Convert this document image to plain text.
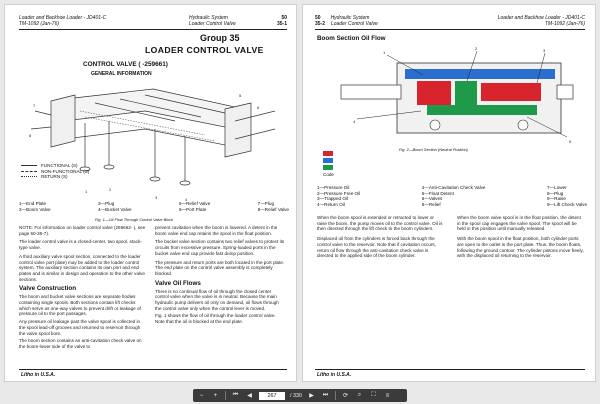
Loader and Backhoe Loader - JD401-C
TM-1092 (Jan-76)
Hydraulic System	50
Loader Control Valve	35-1
Group 35
LOADER CONTROL VALVE
CONTROL VALVE ( -259661)
GENERAL INFORMATION
1	2
3	4
5
6
7
8
FUNCTIONAL (S)
NON-FUNCTIONAL (S)
RETURN (S)
1—End Plate
2—Boom Valve
3—Plug
4—Bucket Valve
5—Relief Valve
6—Port Plate
7—Plug
8—Relief Valve
Fig. 1—Oil Flow Through Control Valve Block

NOTE: For information on loader control valve (259662- ), see page 50-35-7).

The loader control valve is a closed-center, two spool, stack-type valve.

A third auxiliary valve spool section, connected to the loader control valve port plate) may be added to the loader control system. The auxiliary section contains its own port and end plates and is similar in design and operation to the other valve sections.

Valve Construction

The boom and bucket valve sections are separate bodies containing single spools. Both sections contain lift checks which serve as one-way valves to prevent drift or leakage of pressure oil to the port passages.

Any pressure oil leakage past the valve spool is collected in the spool lead-off grooves and returned to reservoir through the valve spool bore.

The boom section contains an anti-cavitation check valve on the boom-lower side of the valve to

prevent cavitation when the boom is lowered. A detent in the boom valve end cap retains the spool in the float position.

The bucket valve section contains two relief valves to protect its circuits from excessive pressure. Spring-loaded ports in the bucket valve end cap provide fast dump position.

The pressure and return ports are both located in the port plate. The end plate on the control valve assembly is completely blocked.

Valve Oil Flows

There is no continual flow of oil through the closed center control valve when the valve is in neutral. Because the main hydraulic pump delivers oil only on demand, oil flows through the control valve only when the control lever is moved.

Fig. 1 shows the flow of oil through the loader control valve. Note that the oil is blocked at the end plate.

Litho in U.S.A.
50 Hydraulic System
35-2 Loader Control Valve
Loader and Backhoe Loader - JD401-C
TM-1092 (Jan-76)
Boom Section Oil Flow
1
2	3
4
5
Code
Fig. 2—Boom Section (Neutral Position)
1—Pressure Oil
2—Pressure Free Oil
3—Trapped Oil
4—Return Oil
4—Anti-Cavitation Check Valve
5—Float Detent
6—Valves
6—Relief
7—Lower
8—Plug
9—Raise
9—Lift Check Valve

When the boom spool is extended or retracted to lower or raise the boom, the pump moves oil to the control valve. Oil is then directed through the lift check to the boom cylinders.

Displaced oil from the cylinders is forced back through the control valve to the reservoir. Note that if cavitation occurs, return oil flow through the anti-cavitation check valve is directed to the applied side of the boom cylinder.

When the boom valve spool is in the float position, the detent in the spool cap engages the valve spool. The spool will be held in this position until manually released.

With the boom spool in the float position, both cylinder ports are open to the outlet in the port plate. Thus, the boom floats, following the ground contour. The cylinder pistons move freely, with the displaced oil returning to the reservoir.

Litho in U.S.A.
−	+	⏮	◀
267	/ 330	▶	⏭	⟳	⌕	⛶	≡
